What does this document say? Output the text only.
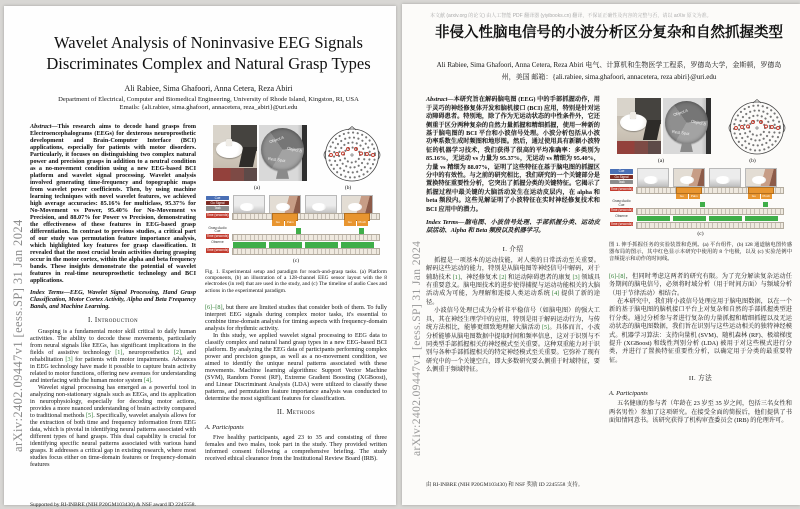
arXiv:2402.09447v1 [eess.SP] 31 Jan 2024
Wavelet Analysis of Noninvasive EEG Signals Discriminates Complex and Natural Grasp Types
Ali Rabiee, Sima Ghafoori, Anna Cetera, Reza Abiri
Department of Electrical, Computer and Biomedical Engineering, University of Rhode Island, Kingston, RI, USA
Emails: {ali.rabiee, sima.ghafoori, annacetera, reza_abiri}@uri.edu

Abstract—This research aims to decode hand grasps from Electroencephalograms (EEGs) for dexterous neuroprosthetic development and Brain-Computer Interface (BCI) applications, especially for patients with motor disorders. Particularly, it focuses on distinguishing two complex natural power and precision grasps in addition to a neutral condition as a no-movement condition using a new EEG-based BCI platform and wavelet signal processing. Wavelet analysis involved generating time-frequency and topographic maps from wavelet power coefficients. Then, by using machine learning techniques with novel wavelet features, we achieved high average accuracies: 85.16% for multiclass, 95.37% for No-Movement vs Power, 95.40% for No-Movement vs Precision, and 88.07% for Power vs Precision, demonstrating the effectiveness of these features in EEG-based grasp differentiation. In contrast to previous studies, a critical part of our study was permutation feature importance analysis, which highlighted key features for grasp classification. It revealed that the most crucial brain activities during grasping occur in the motor cortex, within the alpha and beta frequency bands. These insights demonstrate the potential of wavelet features in real-time neuroprosthetic technology and BCI applications.

Index Terms—EEG, Wavelet Signal Processing, Hand Grasp Classification, Motor Cortex Activity, Alpha and Beta Frequency Bands, and Machine Learning.

I. Introduction

Grasping is a fundamental motor skill critical to daily human activities. The ability to decode these movements, particularly from neural signals like EEGs, has significant implications in the fields of assistive technology [1], neuroprosthetics [2], and rehabilitation [3] for patients with motor impairments. Advances in EEG technology have made it possible to capture brain activity related to motor functions, offering new avenues for understanding and interfacing with the human motor system [4].

Wavelet signal processing has emerged as a powerful tool in analyzing non-stationary signals such as EEGs, and its application in neurophysiology, especially for decoding motor actions, provides a more nuanced understanding of brain activity compared to traditional methods [5]. Specifically, wavelet analysis allows for the extraction of both time and frequency information from EEG data, which is pivotal in identifying neural patterns associated with different types of hand grasps. This dual capability is crucial for identifying specific neural patterns associated with various hand grasps. It addresses a critical gap in existing research, where most studies focus either on time-domain features or frequency-domain features

Supported by RI-INBRE (NIH P20GM103430) & NSF award ID 2245558.
Object A
Object B
Rest Spot
(a)	(b)
Cue
Go Signal
Task
Time (seconds)
Go	Palm	Go	Pinch
Grasp Audio Cue
Time (seconds)
Observe
Time (seconds)
(c)
Fig. 1. Experimental setup and paradigm for reach-and-grasp tasks. (a) Platform components, (b) an illustration of a 128-channel EEG sensor layout with the 8 electrodes (in red) that are used in the study, and (c) The timeline of audio Cues and actions in the experimental paradigm.

[6]–[8], but there are limited studies that consider both of them. To fully interpret EEG signals during complex motor tasks, it's essential to combine time-domain analysis for timing aspects with frequency-domain analysis for rhythmic activity.

In this study, we applied wavelet signal processing to EEG data to classify complex and natural hand grasp types in a new EEG-based BCI platform. By analyzing the EEG data of participants performing complex power and precision grasps, as well as a no-movement condition, we aimed to identify the unique neural patterns associated with these movements. Machine learning algorithms: Support Vector Machine (SVM), Random Forest (RF), Extreme Gradient Boosting (XGBoost), and Linear Discriminant Analysis (LDA) were utilized to classify these patterns, and permutation feature importance analysis was conducted to determine the most significant features for classification.

II. Methods
A. Participants

Five healthy participants, aged 23 to 35 and consisting of three females and two males, took part in the study. They provided written informed consent following a comprehensive briefing. The study received ethical clearance from the Institutional Review Board (IRB).

本文献 (arxiv.org 的论文) 由人工智能 PDF 翻译器 (yiyibooks.cn) 翻译，不保证正确性及内容的完整与否，请以 arXiv 原文为准。
arXiv:2402.09447v1 [eess.SP] 31 Jan 2024
非侵入性脑电信号的小波分析区分复杂和自然抓握类型
Ali Rabiee, Sima Ghafoori, Anna Cetera, Reza Abiri 电气、计算机和生物医学工程系，罗德岛大学，金斯顿，罗德岛州，美国 邮箱：{ali.rabiee, sima.ghafoori, annacetera, reza abiri}@uri.edu

Abstract—本研究旨在解码脑电图 (EEG) 中的手部抓握动作，用于灵巧的神经修复体开发和脑机接口 (BCI) 应用，特别是针对运动障碍患者。特别地，除了作为无运动状态的中性条件外，它还侧重于区分两种复杂的自然力量抓握和精细抓握，使用一种新的基于脑电图的 BCI 平台和小波信号处理。小波分析包括从小波功率系数生成时频图和地形图。然后，通过使用具有新颖小波特征的机器学习技术，我们获得了很高的平均准确率：多类别为 85.16%，无运动 vs 力量为 95.37%，无运动 vs 精细为 95.40%，力量 vs 精细为 88.07%，证明了这些特征在基于脑电图的抓握区分中的有效性。与之前的研究相比，我们研究的一个关键部分是置换特征重要性分析，它突出了抓握分类的关键特征。它揭示了抓握过程中最关键的大脑活动发生在运动皮层内，在 alpha 和 beta 频段内。这些见解证明了小波特征在实时神经修复技术和 BCI 应用中的潜力。

Index Terms—脑电图、小波信号处理、手部抓握分类、运动皮层活动、Alpha 和 Beta 频段以及机器学习。

I. 介绍

抓握是一项基本的运动技能，对人类的日常活动至关重要。解码这些运动的能力，特别是从脑电图等神经信号中解码，对于辅助技术 [1]、神经修复术 [2] 和运动障碍患者的康复 [3] 领域具有重要意义。脑电图技术的进步使得捕捉与运动功能相关的大脑活动成为可能，为理解和连接人类运动系统 [4] 提供了新的途径。

小波信号处理已成为分析非平稳信号（如脑电图）的强大工具，其在神经生理学中的应用，特别是用于解码运动行为，与传统方法相比，能够更细致地理解大脑活动 [5]。具体而言，小波分析能够从脑电图数据中提取时间和频率信息，这对于识别与不同类型手部抓握相关的神经模式至关重要。这种双重能力对于识别与各种手部抓握相关的特定神经模式至关重要。它弥补了现有研究中的一个关键空白，即大多数研究要么侧重于时域特征，要么侧重于频域特征。

由 RI-INBRE (NIH P20GM103430) 和 NSF 奖励 ID 2245558 支持。
Object A
Object B
Rest Spot
(a)	(b)
Cue
Go Signal
Task
Time (seconds)
Go	Palm	Go	Pinch
Grasp Audio Cue
Time (seconds)
Observe
Time (seconds)
(c)
图 1. 伸手抓握任务的实验装置和范例。(a) 平台组件，(b) 128 通道脑电图传感器布局的图示，其中红色显示本研究中使用的 8 个电极，以及 (c) 实验范例中音频提示和动作的时间线。

[6]-[8]，但同时考虑这两者的研究有限。为了充分解读复杂运动任务期间的脑电信号，必须将时域分析（用于时间方面）与频域分析（用于节律活动）相结合。

在本研究中，我们将小波信号处理应用于脑电图数据，以在一个新的基于脑电图的脑机接口平台上对复杂和自然的手部抓握类型进行分类。通过分析参与者进行复杂的力量抓握和精细抓握以及无运动状态的脑电图数据，我们旨在识别与这些运动相关的独特神经模式。机器学习算法：支持向量机 (SVM)、随机森林 (RF)、极端梯度提升 (XGBoost) 和线性判别分析 (LDA) 被用于对这些模式进行分类，并进行了置换特征重要性分析，以确定用于分类的最重要特征。

II. 方法
A. Participants

五名健康的参与者（年龄在 23 岁至 35 岁之间，包括三名女性和两名男性）参加了这项研究。在接受全面的简报后，他们提供了书面知情同意书。该研究获得了机构审查委员会 (IRB) 的伦理许可。
